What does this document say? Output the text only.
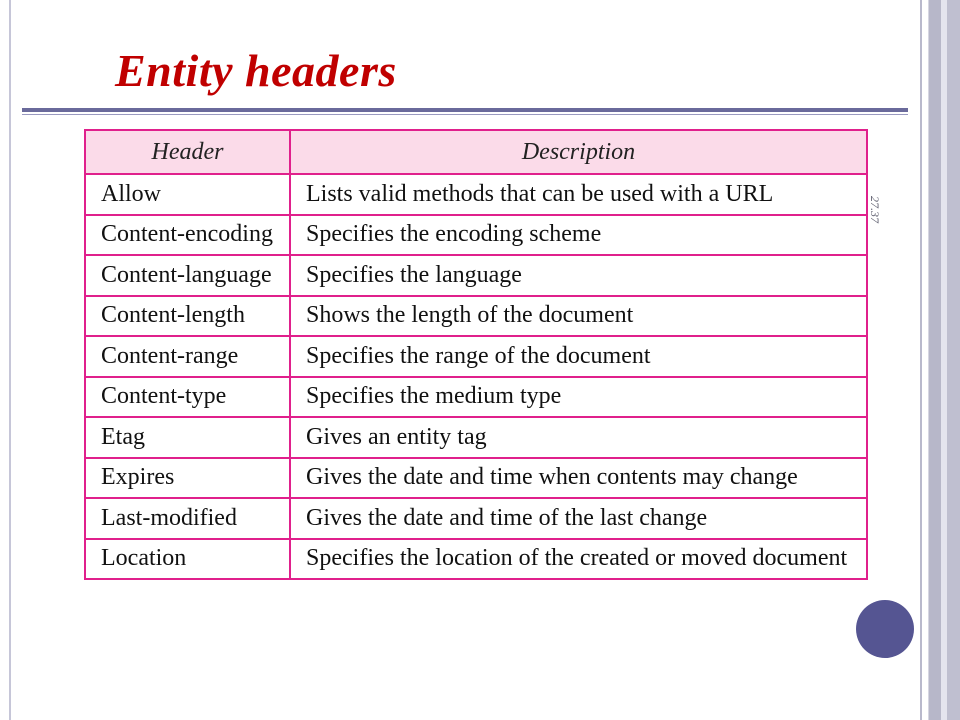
Entity headers
27.37
Header	Description
Allow	Lists valid methods that can be used with a URL
Content-encoding	Specifies the encoding scheme
Content-language	Specifies the language
Content-length	Shows the length of the document
Content-range	Specifies the range of the document
Content-type	Specifies the medium type
Etag	Gives an entity tag
Expires	Gives the date and time when contents may change
Last-modified	Gives the date and time of the last change
Location	Specifies the location of the created or moved document
